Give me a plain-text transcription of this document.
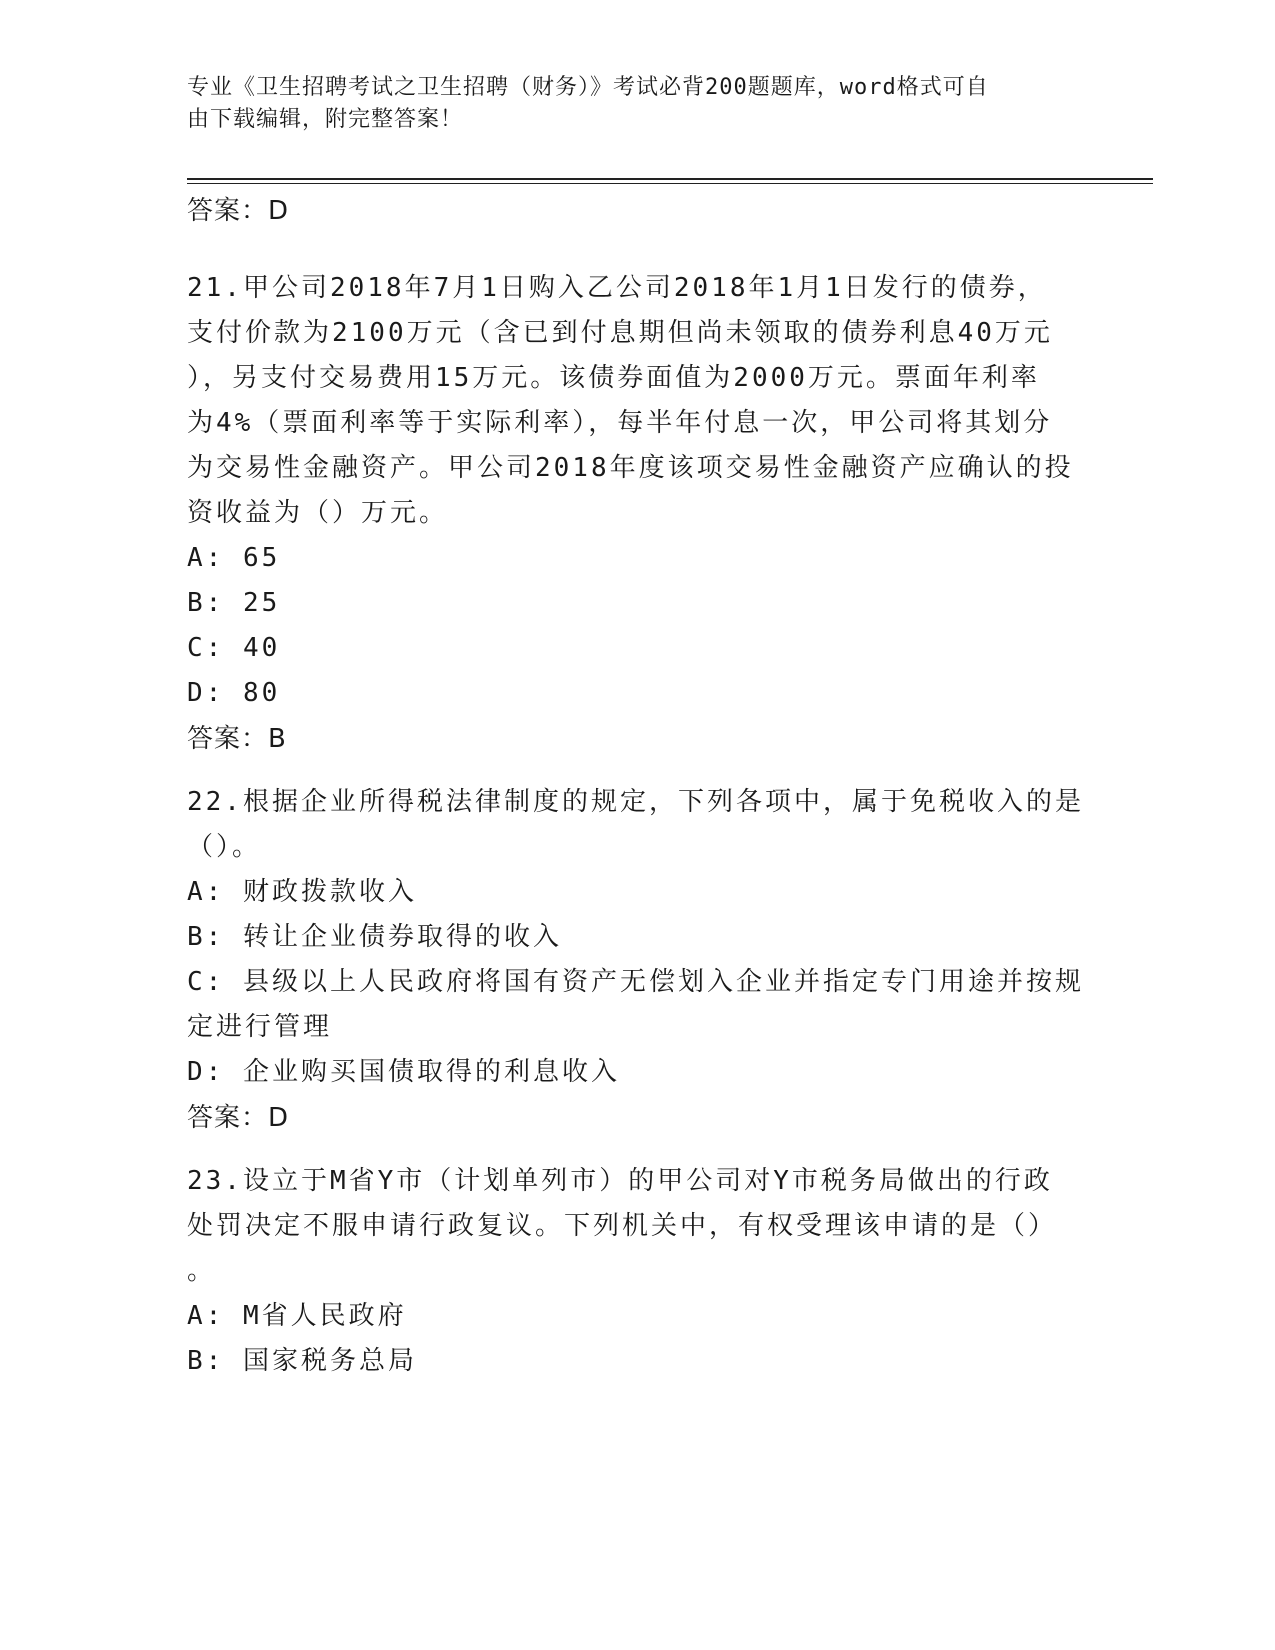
专业《卫生招聘考试之卫生招聘（财务）》考试必背200题题库，word格式可自
由下载编辑，附完整答案！
答案：D
21.甲公司2018年7月1日购入乙公司2018年1月1日发行的债券，
支付价款为2100万元（含已到付息期但尚未领取的债券利息40万元
），另支付交易费用15万元。该债券面值为2000万元。票面年利率
为4%（票面利率等于实际利率），每半年付息一次，甲公司将其划分
为交易性金融资产。甲公司2018年度该项交易性金融资产应确认的投
资收益为（）万元。
A: 65
B: 25
C: 40
D: 80
答案：B
22.根据企业所得税法律制度的规定，下列各项中，属于免税收入的是
（）。
A: 财政拨款收入
B: 转让企业债券取得的收入
C: 县级以上人民政府将国有资产无偿划入企业并指定专门用途并按规
定进行管理
D: 企业购买国债取得的利息收入
答案：D
23.设立于M省Y市（计划单列市）的甲公司对Y市税务局做出的行政
处罚决定不服申请行政复议。下列机关中，有权受理该申请的是（）
。
A: M省人民政府
B: 国家税务总局
